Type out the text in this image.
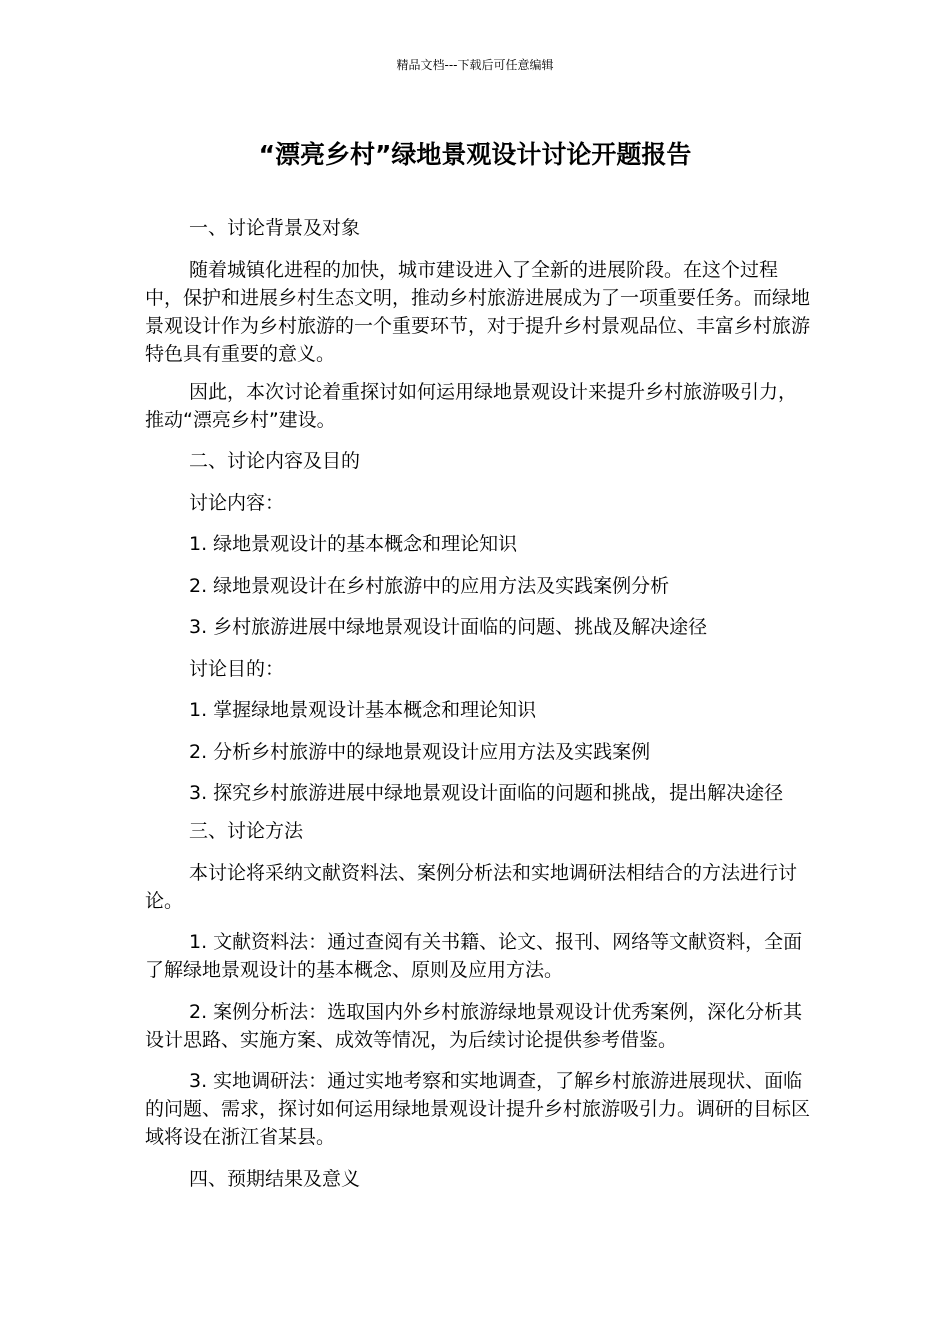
精品文档---下载后可任意编辑
“漂亮乡村”绿地景观设计讨论开题报告

一、讨论背景及对象

随着城镇化进程的加快，城市建设进入了全新的进展阶段。在这个过程中，保护和进展乡村生态文明，推动乡村旅游进展成为了一项重要任务。而绿地景观设计作为乡村旅游的一个重要环节，对于提升乡村景观品位、丰富乡村旅游特色具有重要的意义。

因此，本次讨论着重探讨如何运用绿地景观设计来提升乡村旅游吸引力，推动“漂亮乡村”建设。

二、讨论内容及目的

讨论内容：

1. 绿地景观设计的基本概念和理论知识

2. 绿地景观设计在乡村旅游中的应用方法及实践案例分析

3. 乡村旅游进展中绿地景观设计面临的问题、挑战及解决途径

讨论目的：

1. 掌握绿地景观设计基本概念和理论知识

2. 分析乡村旅游中的绿地景观设计应用方法及实践案例

3. 探究乡村旅游进展中绿地景观设计面临的问题和挑战，提出解决途径

三、讨论方法

本讨论将采纳文献资料法、案例分析法和实地调研法相结合的方法进行讨论。

1. 文献资料法：通过查阅有关书籍、论文、报刊、网络等文献资料，全面了解绿地景观设计的基本概念、原则及应用方法。

2. 案例分析法：选取国内外乡村旅游绿地景观设计优秀案例，深化分析其设计思路、实施方案、成效等情况，为后续讨论提供参考借鉴。

3. 实地调研法：通过实地考察和实地调查，了解乡村旅游进展现状、面临的问题、需求，探讨如何运用绿地景观设计提升乡村旅游吸引力。调研的目标区域将设在浙江省某县。

四、预期结果及意义
